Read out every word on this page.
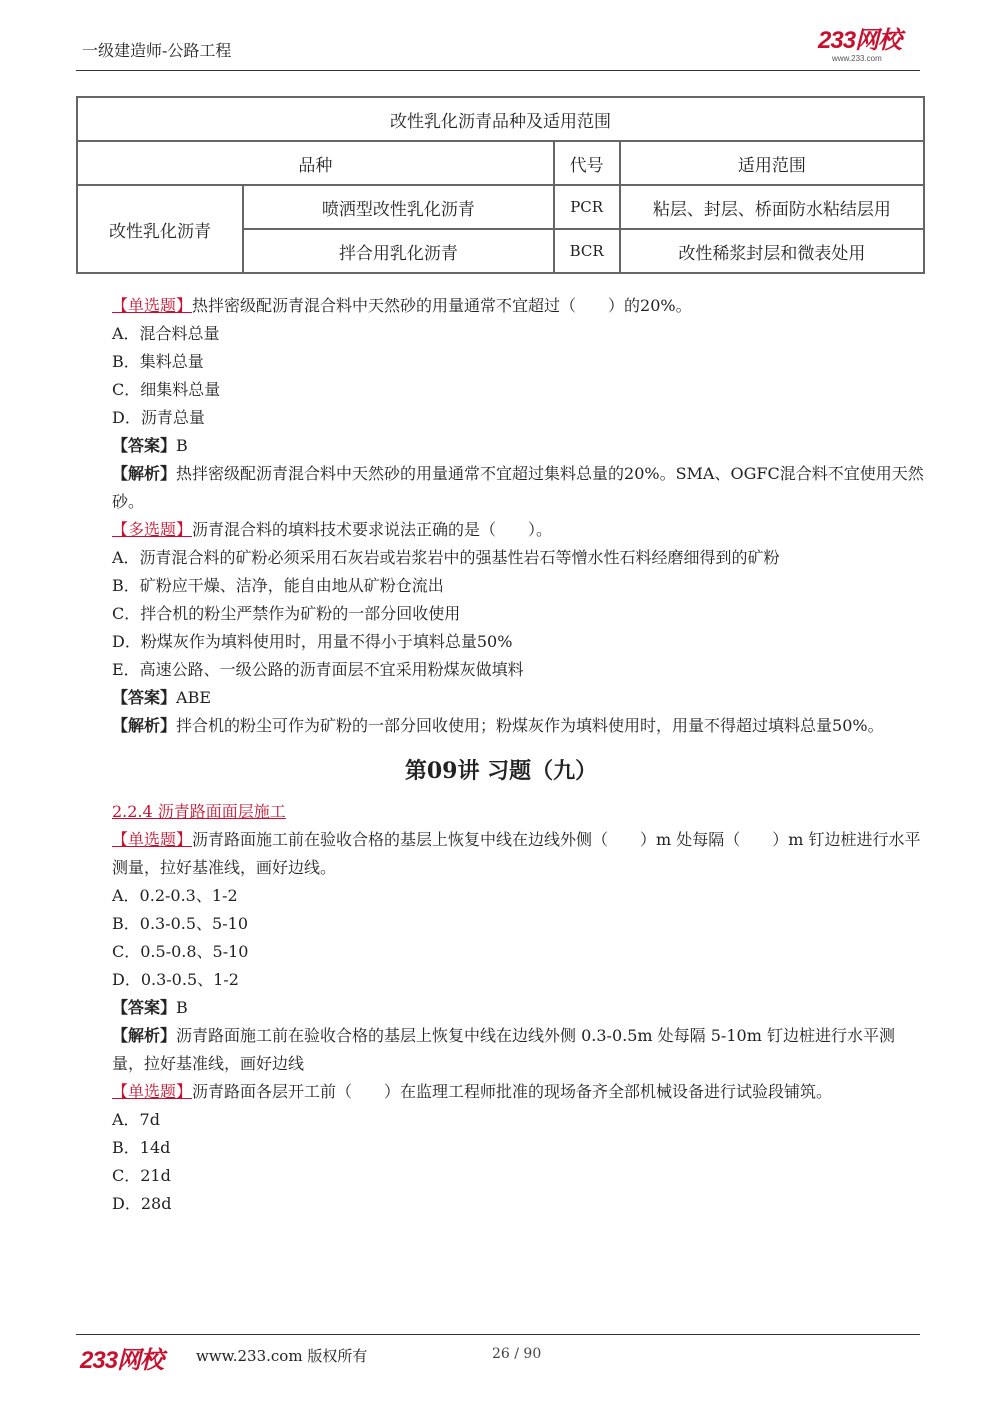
一级建造师-公路工程	233网校
www.233.com
改性乳化沥青品种及适用范围			
品种		代号	适用范围
改性乳化沥青	喷洒型改性乳化沥青	PCR	粘层、封层、桥面防水粘结层用
	拌合用乳化沥青	BCR	改性稀浆封层和微表处用

【单选题】热拌密级配沥青混合料中天然砂的用量通常不宜超过（　　）的20%。

A．混合料总量

B．集料总量

C．细集料总量

D．沥青总量

【答案】B

【解析】热拌密级配沥青混合料中天然砂的用量通常不宜超过集料总量的20%。SMA、OGFC混合料不宜使用天然砂。

【多选题】沥青混合料的填料技术要求说法正确的是（　　）。

A．沥青混合料的矿粉必须采用石灰岩或岩浆岩中的强基性岩石等憎水性石料经磨细得到的矿粉

B．矿粉应干燥、洁净，能自由地从矿粉仓流出

C．拌合机的粉尘严禁作为矿粉的一部分回收使用

D．粉煤灰作为填料使用时，用量不得小于填料总量50%

E．高速公路、一级公路的沥青面层不宜采用粉煤灰做填料

【答案】ABE

【解析】拌合机的粉尘可作为矿粉的一部分回收使用；粉煤灰作为填料使用时，用量不得超过填料总量50%。

第09讲 习题（九）

2.2.4 沥青路面面层施工

【单选题】沥青路面施工前在验收合格的基层上恢复中线在边线外侧（　　）m 处每隔（　　）m 钉边桩进行水平测量，拉好基准线，画好边线。

A．0.2-0.3、1-2

B．0.3-0.5、5-10

C．0.5-0.8、5-10

D．0.3-0.5、1-2

【答案】B

【解析】沥青路面施工前在验收合格的基层上恢复中线在边线外侧 0.3-0.5m 处每隔 5-10m 钉边桩进行水平测量，拉好基准线，画好边线

【单选题】沥青路面各层开工前（　　）在监理工程师批准的现场备齐全部机械设备进行试验段铺筑。

A．7d

B．14d

C．21d

D．28d

233网校 www.233.com 版权所有	26 / 90
